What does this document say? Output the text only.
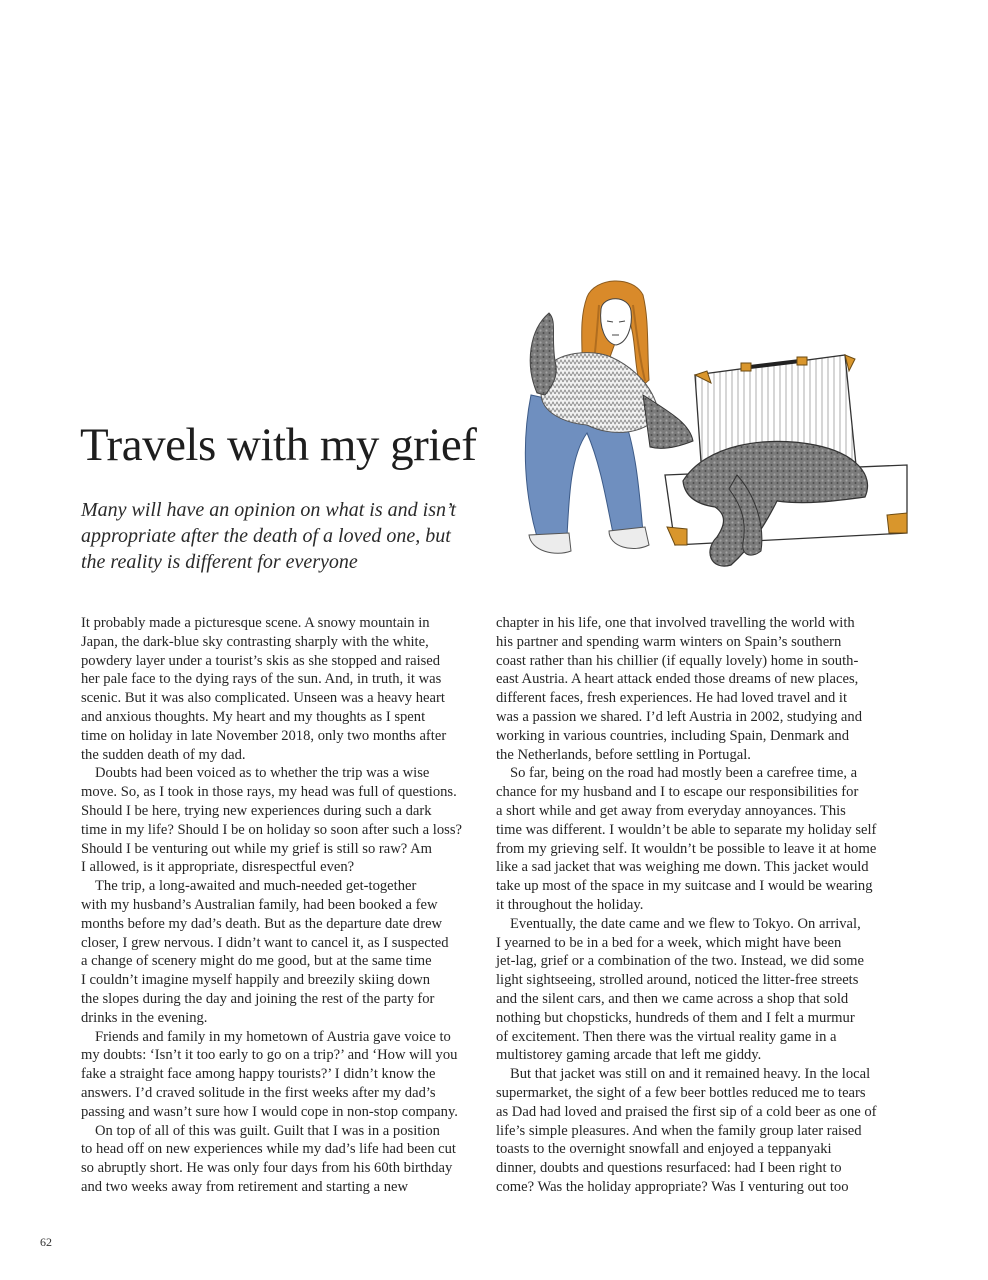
Travels with my grief
Many will have an opinion on what is and isn’t
appropriate after the death of a loved one, but
the reality is different for everyone
It probably made a picturesque scene. A snowy mountain in
Japan, the dark-blue sky contrasting sharply with the white,
powdery layer under a tourist’s skis as she stopped and raised
her pale face to the dying rays of the sun. And, in truth, it was
scenic. But it was also complicated. Unseen was a heavy heart
and anxious thoughts. My heart and my thoughts as I spent
time on holiday in late November 2018, only two months after
the sudden death of my dad.
Doubts had been voiced as to whether the trip was a wise
move. So, as I took in those rays, my head was full of questions.
Should I be here, trying new experiences during such a dark
time in my life? Should I be on holiday so soon after such a loss?
Should I be venturing out while my grief is still so raw? Am
I allowed, is it appropriate, disrespectful even?
The trip, a long-awaited and much-needed get-together
with my husband’s Australian family, had been booked a few
months before my dad’s death. But as the departure date drew
closer, I grew nervous. I didn’t want to cancel it, as I suspected
a change of scenery might do me good, but at the same time
I couldn’t imagine myself happily and breezily skiing down
the slopes during the day and joining the rest of the party for
drinks in the evening.
Friends and family in my hometown of Austria gave voice to
my doubts: ‘Isn’t it too early to go on a trip?’ and ‘How will you
fake a straight face among happy tourists?’ I didn’t know the
answers. I’d craved solitude in the first weeks after my dad’s
passing and wasn’t sure how I would cope in non-stop company.
On top of all of this was guilt. Guilt that I was in a position
to head off on new experiences while my dad’s life had been cut
so abruptly short. He was only four days from his 60th birthday
and two weeks away from retirement and starting a new
chapter in his life, one that involved travelling the world with
his partner and spending warm winters on Spain’s southern
coast rather than his chillier (if equally lovely) home in south-
east Austria. A heart attack ended those dreams of new places,
different faces, fresh experiences. He had loved travel and it
was a passion we shared. I’d left Austria in 2002, studying and
working in various countries, including Spain, Denmark and
the Netherlands, before settling in Portugal.
So far, being on the road had mostly been a carefree time, a
chance for my husband and I to escape our responsibilities for
a short while and get away from everyday annoyances. This
time was different. I wouldn’t be able to separate my holiday self
from my grieving self. It wouldn’t be possible to leave it at home
like a sad jacket that was weighing me down. This jacket would
take up most of the space in my suitcase and I would be wearing
it throughout the holiday.
Eventually, the date came and we flew to Tokyo. On arrival,
I yearned to be in a bed for a week, which might have been
jet-lag, grief or a combination of the two. Instead, we did some
light sightseeing, strolled around, noticed the litter-free streets
and the silent cars, and then we came across a shop that sold
nothing but chopsticks, hundreds of them and I felt a murmur
of excitement. Then there was the virtual reality game in a
multistorey gaming arcade that left me giddy.
But that jacket was still on and it remained heavy. In the local
supermarket, the sight of a few beer bottles reduced me to tears
as Dad had loved and praised the first sip of a cold beer as one of
life’s simple pleasures. And when the family group later raised
toasts to the overnight snowfall and enjoyed a teppanyaki
dinner, doubts and questions resurfaced: had I been right to
come? Was the holiday appropriate? Was I venturing out too
62
